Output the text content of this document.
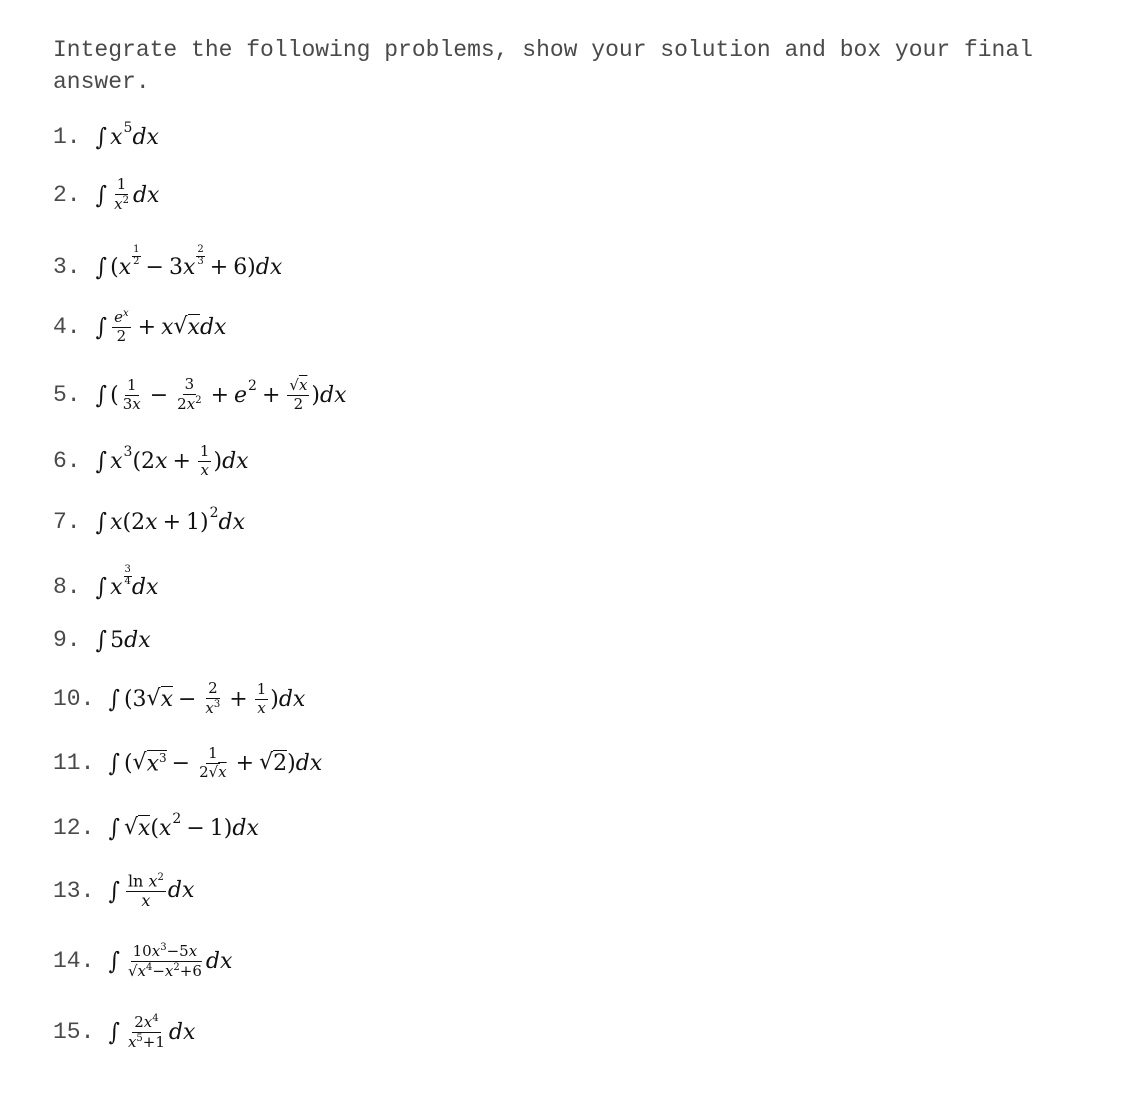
Integrate the following problems, show your solution and box your final answer.

1. ∫ x 5 dx
2. ∫ $\frac{1}{x^2}$ dx
3. ∫ ( x
1
2 − 3 x
2
3 + 6) dx
4. ∫ $\frac{e^x}{2} + x$ √ x dx
5. ∫ ( $\frac{1}{3x} - \frac{3}{2x^2} + e$ $2 + \frac{√x}{2}$ ) dx
6. ∫ x 3 (2 $x + \frac{1}{x}$ ) dx
7. ∫ x (2 x + 1) 2 dx
8. ∫ x
3
4 dx
9. ∫ 5 dx
10. ∫ (3 √ $x - \frac{2}{x^3} + \frac{1}{x}$ ) dx
11. ∫ ( √ $x^3 - \frac{1}{2√x}$ + √ 2 ) dx
12. ∫ √ x ( x 2 − 1) dx
13. ∫ $\frac{\ln x^2}{x}$ dx
14. ∫ $\frac{10x^3-5x}{√x^4-x^2+6}$ dx
15. ∫ $\frac{2x^4}{x^5+1}$ dx
